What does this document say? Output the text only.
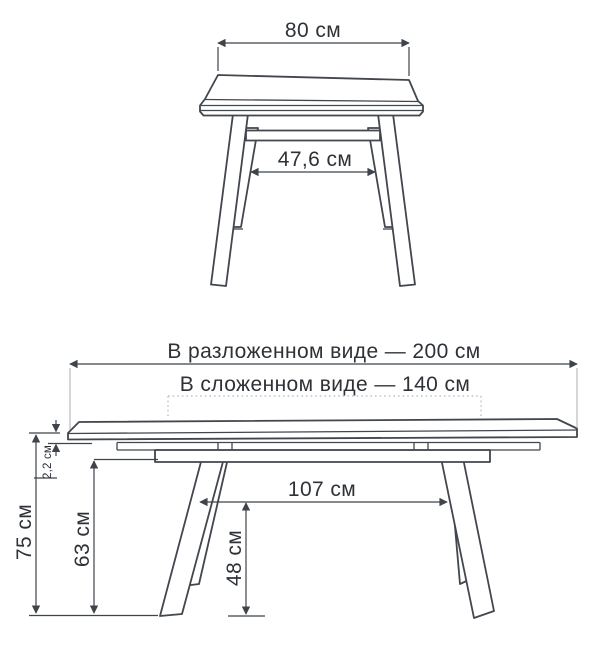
80 см
47,6 см
В разложенном виде — 200 см
В сложенном виде — 140 см
75 см
2,2 см
63 см
107 см
48 см
